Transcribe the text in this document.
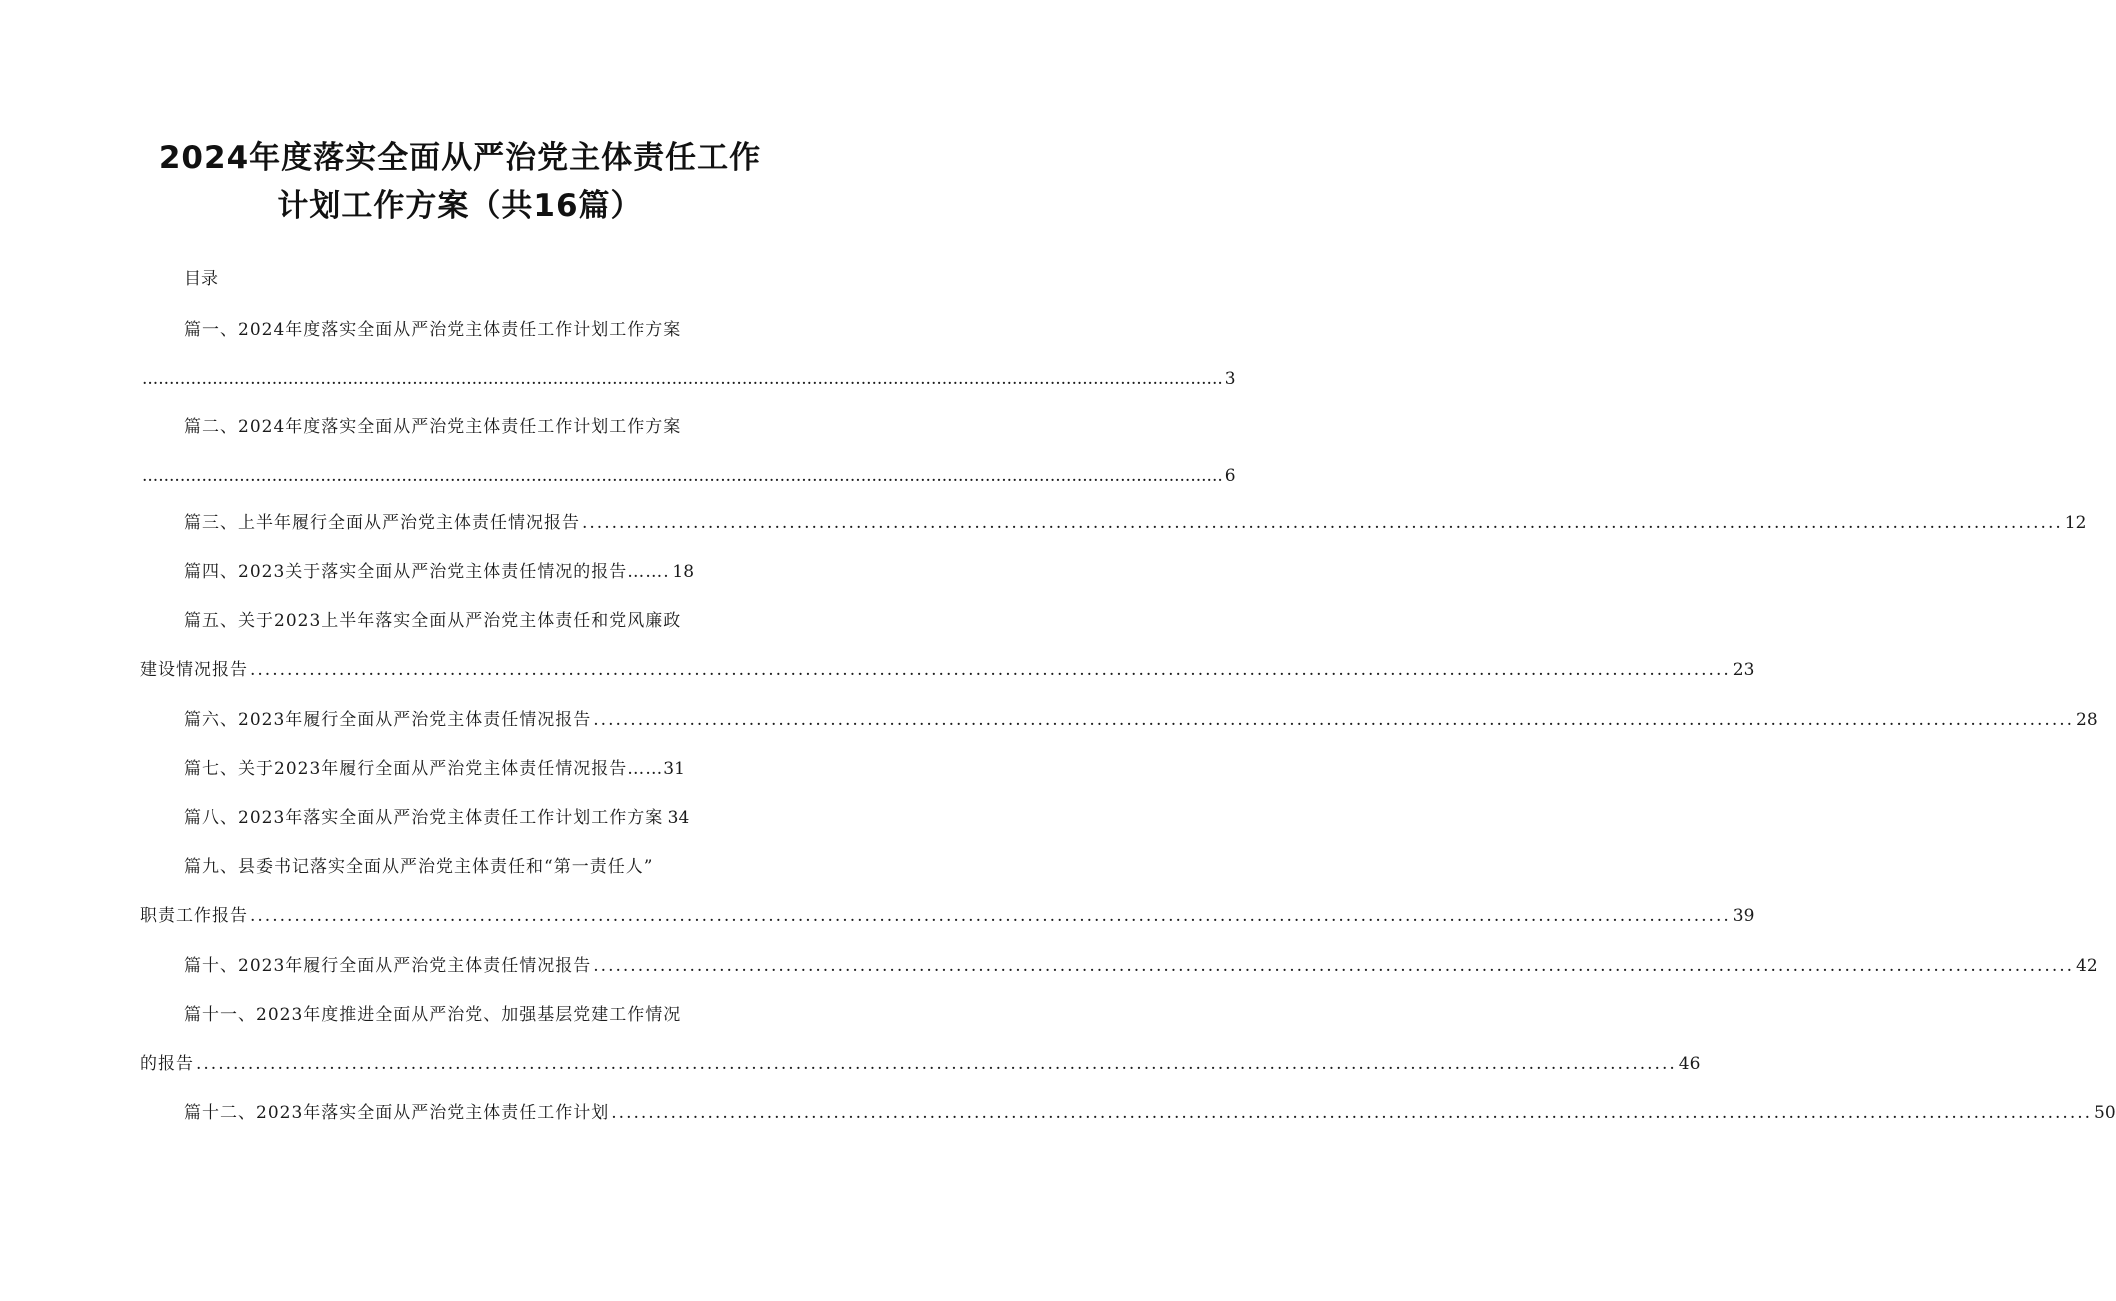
2024年度落实全面从严治党主体责任工作
计划工作方案（共16篇）
目录
篇一、2024年度落实全面从严治党主体责任工作计划工作方案
........................................................................................................................................................................................................ 3
篇二、2024年度落实全面从严治党主体责任工作计划工作方案
........................................................................................................................................................................................................ 6
篇三、上半年履行全面从严治党主体责任情况报告 ........................................................................................................................................................................................................ 12
篇四、2023关于落实全面从严治党主体责任情况的报告…… .  18
篇五、关于2023上半年落实全面从严治党主体责任和党风廉政
建设情况报告 ........................................................................................................................................................................................................ 23
篇六、2023年履行全面从严治党主体责任情况报告 ........................................................................................................................................................................................................ 28
篇七、关于2023年履行全面从严治党主体责任情况报告…… 31
篇八、2023年落实全面从严治党主体责任工作计划工作方案
  34
篇九、县委书记落实全面从严治党主体责任和“第一责任人”
职责工作报告 ........................................................................................................................................................................................................ 39
篇十、2023年履行全面从严治党主体责任情况报告 ........................................................................................................................................................................................................ 42
篇十一、2023年度推进全面从严治党、加强基层党建工作情况
的报告 ........................................................................................................................................................................................................ 46
篇十二、2023年落实全面从严治党主体责任工作计划 ........................................................................................................................................................................................................ 50
